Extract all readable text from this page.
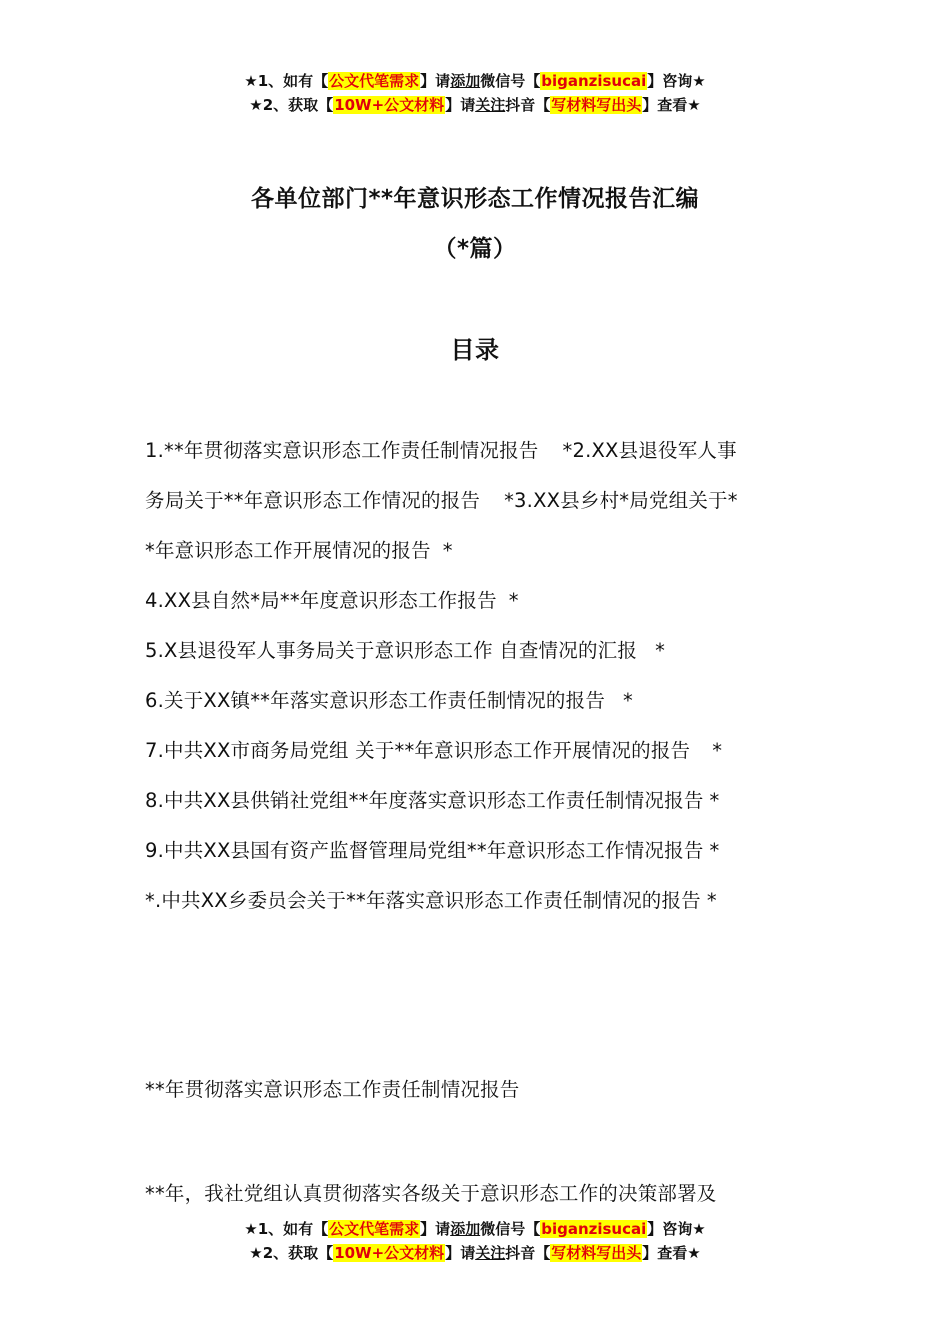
★1、如有【公文代笔需求】请添加微信号【biganzisucai】咨询★
★2、获取【10W+公文材料】请关注抖音【写材料写出头】查看★
各单位部门**年意识形态工作情况报告汇编
（*篇）
目录

1.**年贯彻落实意识形态工作责任制情况报告 *2.XX县退役军人事

务局关于**年意识形态工作情况的报告 *3.XX县乡村*局党组关于*

*年意识形态工作开展情况的报告 *

4.XX县自然*局**年度意识形态工作报告 *

5.X县退役军人事务局关于意识形态工作 自查情况的汇报 *

6.关于XX镇**年落实意识形态工作责任制情况的报告 *

7.中共XX市商务局党组 关于**年意识形态工作开展情况的报告 *

8.中共XX县供销社党组**年度落实意识形态工作责任制情况报告 *

9.中共XX县国有资产监督管理局党组**年意识形态工作情况报告 *

*.中共XX乡委员会关于**年落实意识形态工作责任制情况的报告 *

**年贯彻落实意识形态工作责任制情况报告
**年，我社党组认真贯彻落实各级关于意识形态工作的决策部署及
★1、如有【公文代笔需求】请添加微信号【biganzisucai】咨询★
★2、获取【10W+公文材料】请关注抖音【写材料写出头】查看★
